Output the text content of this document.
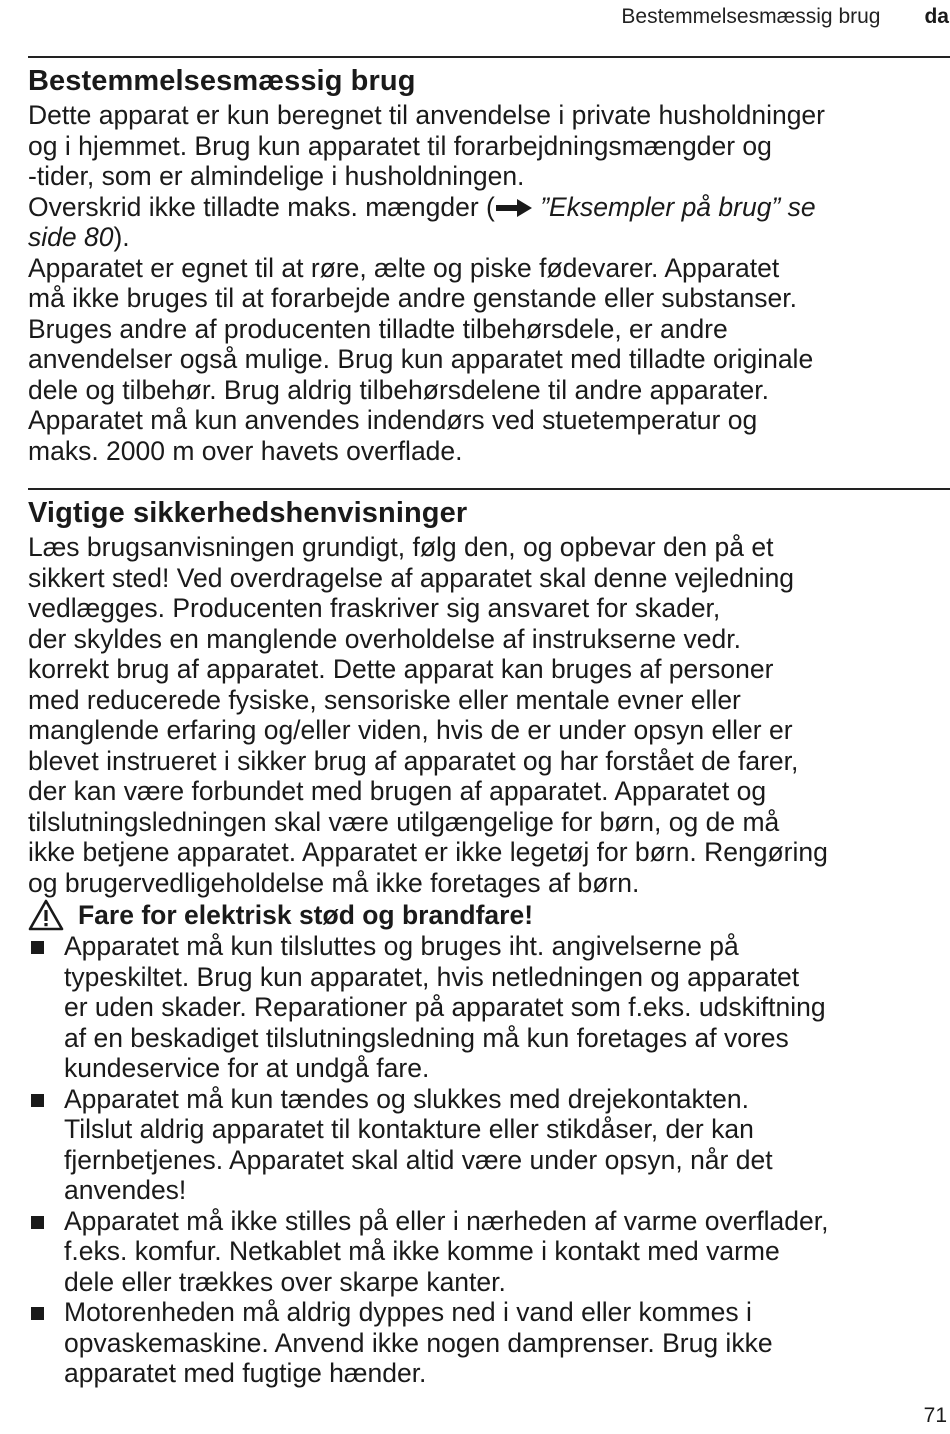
Bestemmelsesmæssig brug da
Bestemmelsesmæssig brug

Dette apparat er kun beregnet til anvendelse i private husholdninger
og i hjemmet. Brug kun apparatet til forarbejdningsmængder og
-tider, som er almindelige i husholdningen.
Overskrid ikke tilladte maks. mængder ( ”Eksempler på brug” se
side 80).
Apparatet er egnet til at røre, ælte og piske fødevarer. Apparatet
må ikke bruges til at forarbejde andre genstande eller substanser.
Bruges andre af producenten tilladte tilbehørsdele, er andre
anvendelser også mulige. Brug kun apparatet med tilladte originale
dele og tilbehør. Brug aldrig tilbehørsdelene til andre apparater.
Apparatet må kun anvendes indendørs ved stuetemperatur og
maks. 2000 m over havets overflade.

Vigtige sikkerhedshenvisninger

Læs brugsanvisningen grundigt, følg den, og opbevar den på et
sikkert sted! Ved overdragelse af apparatet skal denne vejledning
vedlægges. Producenten fraskriver sig ansvaret for skader,
der skyldes en manglende overholdelse af instrukserne vedr.
korrekt brug af apparatet. Dette apparat kan bruges af personer
med reducerede fysiske, sensoriske eller mentale evner eller
manglende erfaring og/eller viden, hvis de er under opsyn eller er
blevet instrueret i sikker brug af apparatet og har forstået de farer,
der kan være forbundet med brugen af apparatet. Apparatet og
tilslutningsledningen skal være utilgængelige for børn, og de må
ikke betjene apparatet. Apparatet er ikke legetøj for børn. Rengøring
og brugervedligeholdelse må ikke foretages af børn.

Fare for elektrisk stød og brandfare!
Apparatet må kun tilsluttes og bruges iht. angivelserne på
typeskiltet. Brug kun apparatet, hvis netledningen og apparatet
er uden skader. Reparationer på apparatet som f.eks. udskiftning
af en beskadiget tilslutningsledning må kun foretages af vores
kundeservice for at undgå fare.
Apparatet må kun tændes og slukkes med drejekontakten.
Tilslut aldrig apparatet til kontakture eller stikdåser, der kan
fjernbetjenes. Apparatet skal altid være under opsyn, når det
anvendes!
Apparatet må ikke stilles på eller i nærheden af varme overflader,
f.eks. komfur. Netkablet må ikke komme i kontakt med varme
dele eller trækkes over skarpe kanter.
Motorenheden må aldrig dyppes ned i vand eller kommes i
opvaskemaskine. Anvend ikke nogen damprenser. Brug ikke
apparatet med fugtige hænder.
71
